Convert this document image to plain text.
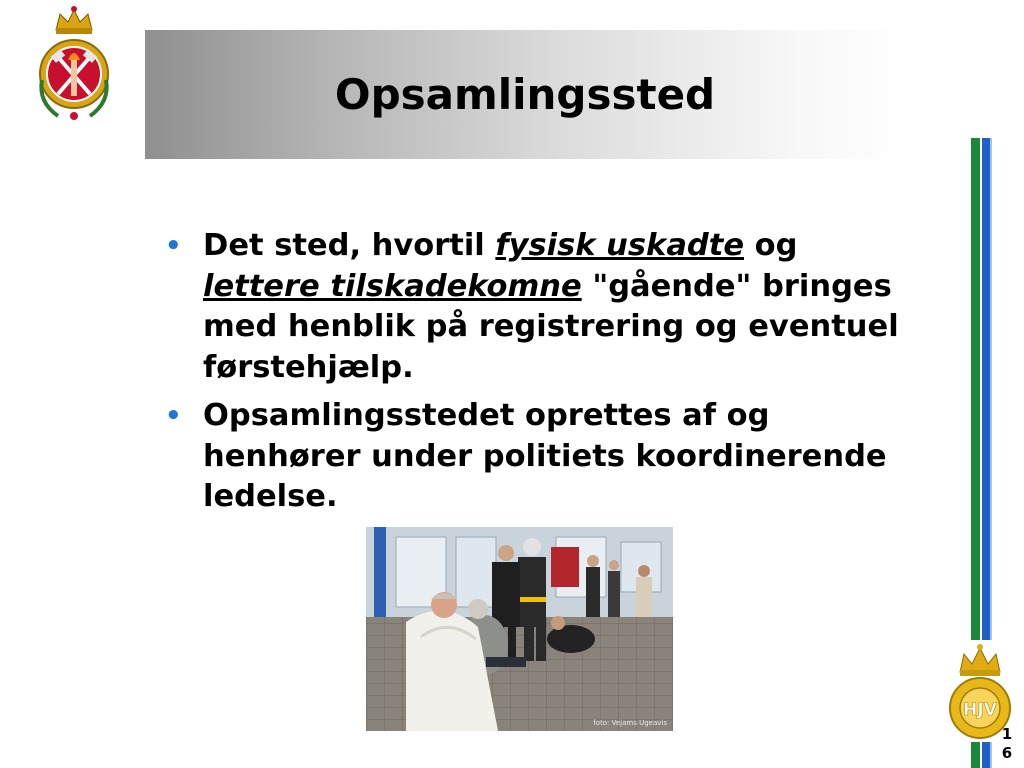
Opsamlingssted
• Det sted, hvortil fysisk uskadte og
lettere tilskadekomne "gående" bringes med henblik på registrering og eventuel førstehjælp.
• Opsamlingsstedet oprettes af og henhører under politiets koordinerende ledelse.
foto: Vejams Ugeavis
HJV
16
